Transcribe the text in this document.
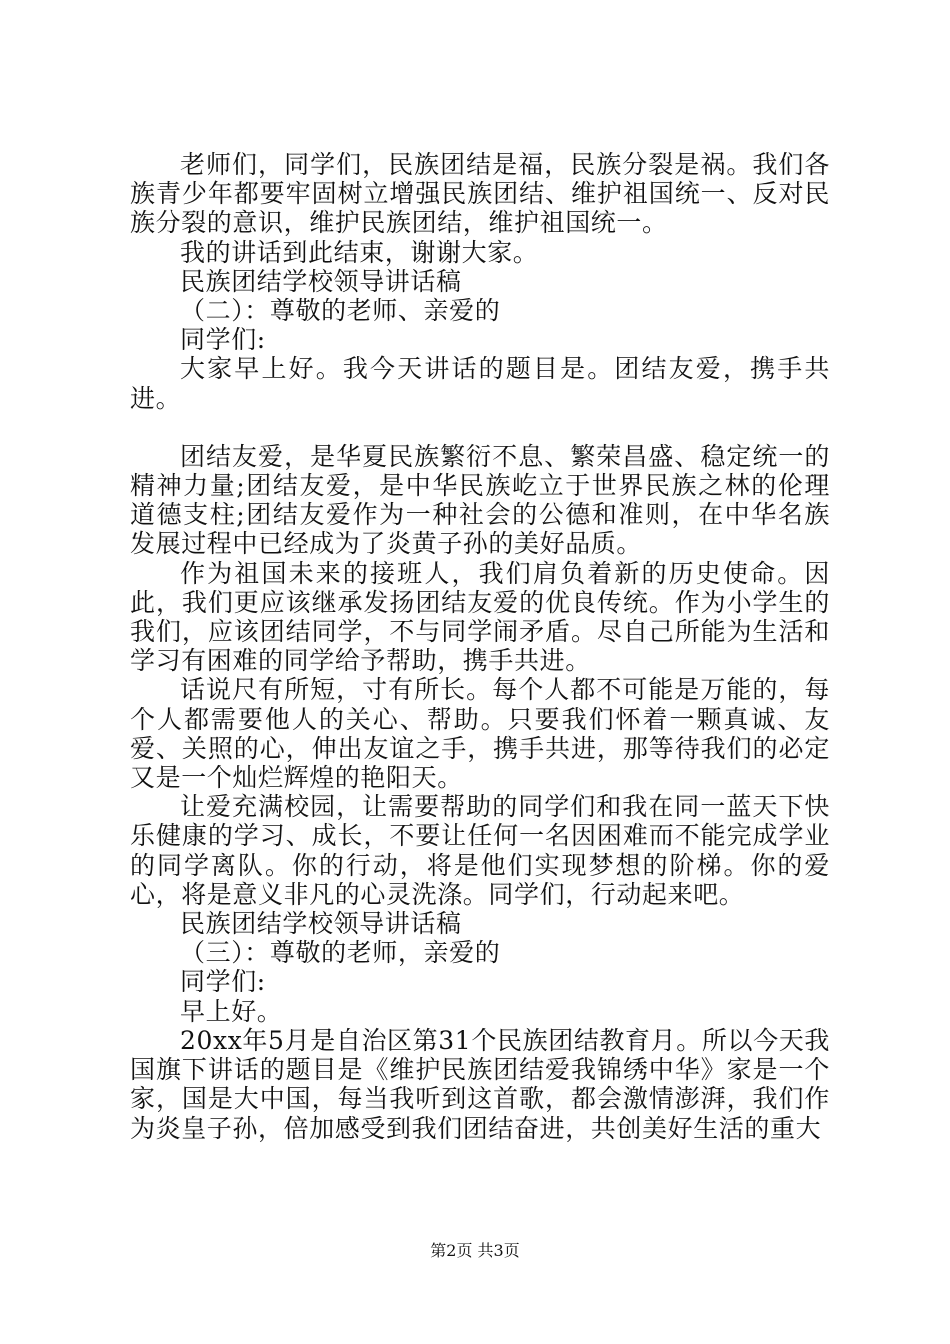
老师们，同学们，民族团结是福，民族分裂是祸。我们各族青少年都要牢固树立增强民族团结、维护祖国统一、反对民族分裂的意识，维护民族团结，维护祖国统一。

我的讲话到此结束，谢谢大家。

民族团结学校领导讲话稿

（二）：尊敬的老师、亲爱的

同学们:

大家早上好。我今天讲话的题目是。团结友爱，携手共进。

团结友爱，是华夏民族繁衍不息、繁荣昌盛、稳定统一的精神力量;团结友爱，是中华民族屹立于世界民族之林的伦理道德支柱;团结友爱作为一种社会的公德和准则，在中华名族发展过程中已经成为了炎黄子孙的美好品质。

作为祖国未来的接班人，我们肩负着新的历史使命。因此，我们更应该继承发扬团结友爱的优良传统。作为小学生的我们，应该团结同学，不与同学闹矛盾。尽自己所能为生活和学习有困难的同学给予帮助，携手共进。

话说尺有所短，寸有所长。每个人都不可能是万能的，每个人都需要他人的关心、帮助。只要我们怀着一颗真诚、友爱、关照的心，伸出友谊之手，携手共进，那等待我们的必定又是一个灿烂辉煌的艳阳天。

让爱充满校园，让需要帮助的同学们和我在同一蓝天下快乐健康的学习、成长，不要让任何一名因困难而不能完成学业的同学离队。你的行动，将是他们实现梦想的阶梯。你的爱心，将是意义非凡的心灵洗涤。同学们，行动起来吧。

民族团结学校领导讲话稿

（三）：尊敬的老师，亲爱的

同学们:

早上好。

20xx年5月是自治区第31个民族团结教育月。所以今天我国旗下讲话的题目是《维护民族团结爱我锦绣中华》家是一个家，国是大中国，每当我听到这首歌，都会激情澎湃，我们作为炎皇子孙，倍加感受到我们团结奋进，共创美好生活的重大

第2页 共3页
